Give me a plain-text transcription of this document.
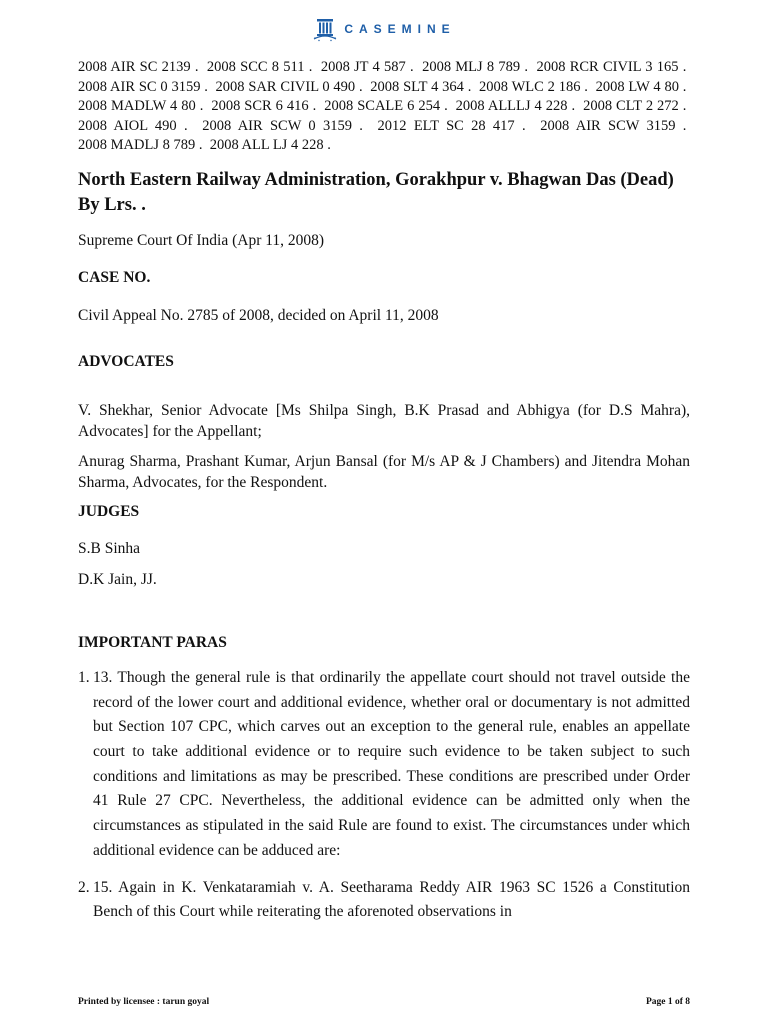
CASEMINE

2008 AIR SC 2139 . 2008 SCC 8 511 . 2008 JT 4 587 . 2008 MLJ 8 789 . 2008 RCR CIVIL 3 165 .  2008 AIR SC 0 3159 . 2008 SAR CIVIL 0 490 . 2008 SLT 4 364 . 2008 WLC 2 186 . 2008 LW 4 80 .  2008 MADLW 4 80 . 2008 SCR 6 416 . 2008 SCALE 6 254 . 2008 ALLLJ 4 228 . 2008 CLT 2 272 .  2008 AIOL 490 . 2008 AIR SCW 0 3159 . 2012 ELT SC 28 417 . 2008 AIR SCW 3159 .  2008 MADLJ 8 789 . 2008 ALL LJ 4 228 .

North Eastern Railway Administration, Gorakhpur v. Bhagwan Das (Dead) By Lrs. .

Supreme Court Of India (Apr 11, 2008)

CASE NO.

Civil Appeal No. 2785 of 2008, decided on April 11, 2008

ADVOCATES

V. Shekhar, Senior Advocate [Ms Shilpa Singh, B.K Prasad and Abhigya (for D.S Mahra), Advocates] for the Appellant;

Anurag Sharma, Prashant Kumar, Arjun Bansal (for M/s AP & J Chambers) and Jitendra Mohan Sharma, Advocates, for the Respondent.

JUDGES

S.B Sinha

D.K Jain, JJ.

IMPORTANT PARAS
1. 13. Though the general rule is that ordinarily the appellate court should not travel outside the record of the lower court and additional evidence, whether oral or documentary is not admitted but Section 107 CPC, which carves out an exception to the general rule, enables an appellate court to take additional evidence or to require such evidence to be taken subject to such conditions and limitations as may be prescribed. These conditions are prescribed under Order 41 Rule 27 CPC. Nevertheless, the additional evidence can be admitted only when the circumstances as stipulated in the said Rule are found to exist. The circumstances under which additional evidence can be adduced are:
2. 15. Again in K. Venkataramiah v. A. Seetharama Reddy AIR 1963 SC 1526 a Constitution Bench of this Court while reiterating the aforenoted observations in
Printed by licensee : tarun goyal	Page 1 of 8
